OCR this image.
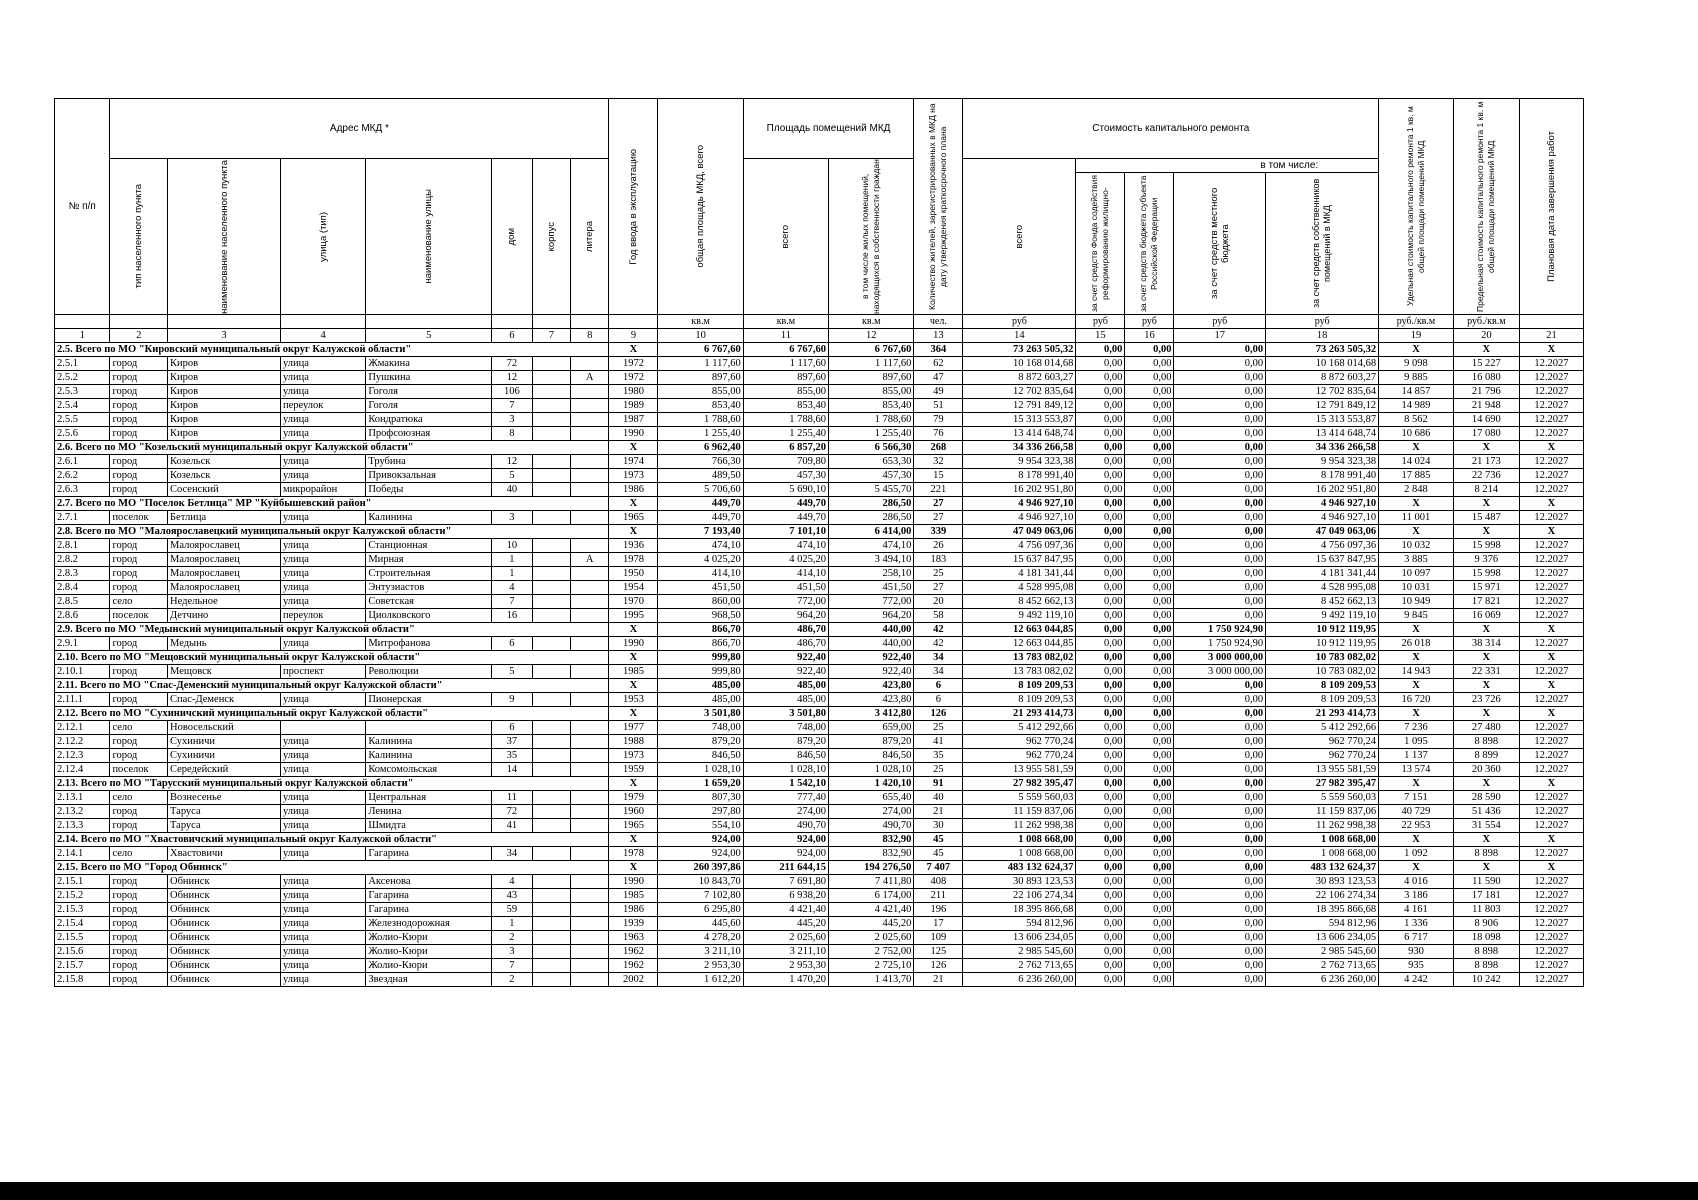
№ п/п	Адрес МКД *							Год ввода в эксплуатацию	общая площадь МКД, всего	Площадь помещений МКД		Количество жителей, зарегистрированных в МКД на дату утверждения краткосрочного плана	Стоимость капитального ремонта					Удельная стоимость капитального ремонта 1 кв. м общей площади помещений МКД	Предельная стоимость капитального ремонта 1 кв. м общей площади помещений МКД	Плановая дата завершения работ

	тип населенного пункта	наименование населенного пункта	улица (тип)	наименование улицы	дом	корпус	литера			всего	в том числе жилых помещений, находящихся в собственности граждан		всего	в том числе:						

														за счет средств Фонда содействия реформированию жилищно-	за счет средств бюджета субъекта Российской Федерации	за счет средств местного бюджета	за счет средств собственников помещений в МКД			

									кв.м	кв.м	кв.м	чел.	руб	руб	руб	руб	руб	руб./кв.м	руб./кв.м	
1	2	3	4	5	6	7	8	9	10	11	12	13	14	15	16	17	18	19	20	21
2.5. Всего по МО "Кировский муниципальный округ Калужской области"								X	6 767,60	6 767,60	6 767,60	364	73 263 505,32	0,00	0,00	0,00	73 263 505,32	X	X	X
2.5.1	город	Киров	улица	Жмакина	72			1972	1 117,60	1 117,60	1 117,60	62	10 168 014,68	0,00	0,00	0,00	10 168 014,68	9 098	15 227	12.2027
2.5.2	город	Киров	улица	Пушкина	12		А	1972	897,60	897,60	897,60	47	8 872 603,27	0,00	0,00	0,00	8 872 603,27	9 885	16 080	12.2027
2.5.3	город	Киров	улица	Гоголя	106			1980	855,00	855,00	855,00	49	12 702 835,64	0,00	0,00	0,00	12 702 835,64	14 857	21 796	12.2027
2.5.4	город	Киров	переулок	Гоголя	7			1989	853,40	853,40	853,40	51	12 791 849,12	0,00	0,00	0,00	12 791 849,12	14 989	21 948	12.2027
2.5.5	город	Киров	улица	Кондратюка	3			1987	1 788,60	1 788,60	1 788,60	79	15 313 553,87	0,00	0,00	0,00	15 313 553,87	8 562	14 690	12.2027
2.5.6	город	Киров	улица	Профсоюзная	8			1990	1 255,40	1 255,40	1 255,40	76	13 414 648,74	0,00	0,00	0,00	13 414 648,74	10 686	17 080	12.2027
2.6. Всего по МО "Козельский муниципальный округ Калужской области"								X	6 962,40	6 857,20	6 566,30	268	34 336 266,58	0,00	0,00	0,00	34 336 266,58	X	X	X
2.6.1	город	Козельск	улица	Трубина	12			1974	766,30	709,80	653,30	32	9 954 323,38	0,00	0,00	0,00	9 954 323,38	14 024	21 173	12.2027
2.6.2	город	Козельск	улица	Привокзальная	5			1973	489,50	457,30	457,30	15	8 178 991,40	0,00	0,00	0,00	8 178 991,40	17 885	22 736	12.2027
2.6.3	город	Сосенский	микрорайон	Победы	40			1986	5 706,60	5 690,10	5 455,70	221	16 202 951,80	0,00	0,00	0,00	16 202 951,80	2 848	8 214	12.2027
2.7. Всего по МО "Поселок Бетлица" МР "Куйбышевский район"								X	449,70	449,70	286,50	27	4 946 927,10	0,00	0,00	0,00	4 946 927,10	X	X	X
2.7.1	поселок	Бетлица	улица	Калинина	3			1965	449,70	449,70	286,50	27	4 946 927,10	0,00	0,00	0,00	4 946 927,10	11 001	15 487	12.2027
2.8. Всего по МО "Малоярославецкий муниципальный округ Калужской области"								X	7 193,40	7 101,10	6 414,00	339	47 049 063,06	0,00	0,00	0,00	47 049 063,06	X	X	X
2.8.1	город	Малоярославец	улица	Станционная	10			1936	474,10	474,10	474,10	26	4 756 097,36	0,00	0,00	0,00	4 756 097,36	10 032	15 998	12.2027
2.8.2	город	Малоярославец	улица	Мирная	1		А	1978	4 025,20	4 025,20	3 494,10	183	15 637 847,95	0,00	0,00	0,00	15 637 847,95	3 885	9 376	12.2027
2.8.3	город	Малоярославец	улица	Строительная	1			1950	414,10	414,10	258,10	25	4 181 341,44	0,00	0,00	0,00	4 181 341,44	10 097	15 998	12.2027
2.8.4	город	Малоярославец	улица	Энтузиастов	4			1954	451,50	451,50	451,50	27	4 528 995,08	0,00	0,00	0,00	4 528 995,08	10 031	15 971	12.2027
2.8.5	село	Недельное	улица	Советская	7			1970	860,00	772,00	772,00	20	8 452 662,13	0,00	0,00	0,00	8 452 662,13	10 949	17 821	12.2027
2.8.6	поселок	Детчино	переулок	Циолковского	16			1995	968,50	964,20	964,20	58	9 492 119,10	0,00	0,00	0,00	9 492 119,10	9 845	16 069	12.2027
2.9. Всего по МО "Медынский муниципальный округ Калужской области"								X	866,70	486,70	440,00	42	12 663 044,85	0,00	0,00	1 750 924,90	10 912 119,95	X	X	X
2.9.1	город	Медынь	улица	Митрофанова	6			1990	866,70	486,70	440,00	42	12 663 044,85	0,00	0,00	1 750 924,90	10 912 119,95	26 018	38 314	12.2027
2.10. Всего по МО "Мещовский муниципальный округ Калужской области"								X	999,80	922,40	922,40	34	13 783 082,02	0,00	0,00	3 000 000,00	10 783 082,02	X	X	X
2.10.1	город	Мещовск	проспект	Революции	5			1985	999,80	922,40	922,40	34	13 783 082,02	0,00	0,00	3 000 000,00	10 783 082,02	14 943	22 331	12.2027
2.11. Всего по МО "Спас-Деменский муниципальный округ Калужской области"								X	485,00	485,00	423,80	6	8 109 209,53	0,00	0,00	0,00	8 109 209,53	X	X	X
2.11.1	город	Спас-Деменск	улица	Пионерская	9			1953	485,00	485,00	423,80	6	8 109 209,53	0,00	0,00	0,00	8 109 209,53	16 720	23 726	12.2027
2.12. Всего по МО "Сухиничский муниципальный округ Калужской области"								X	3 501,80	3 501,80	3 412,80	126	21 293 414,73	0,00	0,00	0,00	21 293 414,73	X	X	X
2.12.1	село	Новосельский			6			1977	748,00	748,00	659,00	25	5 412 292,66	0,00	0,00	0,00	5 412 292,66	7 236	27 480	12.2027
2.12.2	город	Сухиничи	улица	Калинина	37			1988	879,20	879,20	879,20	41	962 770,24	0,00	0,00	0,00	962 770,24	1 095	8 898	12.2027
2.12.3	город	Сухиничи	улица	Калинина	35			1973	846,50	846,50	846,50	35	962 770,24	0,00	0,00	0,00	962 770,24	1 137	8 899	12.2027
2.12.4	поселок	Середейский	улица	Комсомольская	14			1959	1 028,10	1 028,10	1 028,10	25	13 955 581,59	0,00	0,00	0,00	13 955 581,59	13 574	20 360	12.2027
2.13. Всего по МО "Тарусский муниципальный округ Калужской области"								X	1 659,20	1 542,10	1 420,10	91	27 982 395,47	0,00	0,00	0,00	27 982 395,47	X	X	X
2.13.1	село	Вознесенье	улица	Центральная	11			1979	807,30	777,40	655,40	40	5 559 560,03	0,00	0,00	0,00	5 559 560,03	7 151	28 590	12.2027
2.13.2	город	Таруса	улица	Ленина	72			1960	297,80	274,00	274,00	21	11 159 837,06	0,00	0,00	0,00	11 159 837,06	40 729	51 436	12.2027
2.13.3	город	Таруса	улица	Шмидта	41			1965	554,10	490,70	490,70	30	11 262 998,38	0,00	0,00	0,00	11 262 998,38	22 953	31 554	12.2027
2.14. Всего по МО "Хвастовичский муниципальный округ Калужской области"								X	924,00	924,00	832,90	45	1 008 668,00	0,00	0,00	0,00	1 008 668,00	X	X	X
2.14.1	село	Хвастовичи	улица	Гагарина	34			1978	924,00	924,00	832,90	45	1 008 668,00	0,00	0,00	0,00	1 008 668,00	1 092	8 898	12.2027
2.15. Всего по МО "Город Обнинск"								X	260 397,86	211 644,15	194 276,50	7 407	483 132 624,37	0,00	0,00	0,00	483 132 624,37	X	X	X
2.15.1	город	Обнинск	улица	Аксенова	4			1990	10 843,70	7 691,80	7 411,80	408	30 893 123,53	0,00	0,00	0,00	30 893 123,53	4 016	11 590	12.2027
2.15.2	город	Обнинск	улица	Гагарина	43			1985	7 102,80	6 938,20	6 174,00	211	22 106 274,34	0,00	0,00	0,00	22 106 274,34	3 186	17 181	12.2027
2.15.3	город	Обнинск	улица	Гагарина	59			1986	6 295,80	4 421,40	4 421,40	196	18 395 866,68	0,00	0,00	0,00	18 395 866,68	4 161	11 803	12.2027
2.15.4	город	Обнинск	улица	Железнодорожная	1			1939	445,60	445,20	445,20	17	594 812,96	0,00	0,00	0,00	594 812,96	1 336	8 906	12.2027
2.15.5	город	Обнинск	улица	Жолио-Кюри	2			1963	4 278,20	2 025,60	2 025,60	109	13 606 234,05	0,00	0,00	0,00	13 606 234,05	6 717	18 098	12.2027
2.15.6	город	Обнинск	улица	Жолио-Кюри	3			1962	3 211,10	3 211,10	2 752,00	125	2 985 545,60	0,00	0,00	0,00	2 985 545,60	930	8 898	12.2027
2.15.7	город	Обнинск	улица	Жолио-Кюри	7			1962	2 953,30	2 953,30	2 725,10	126	2 762 713,65	0,00	0,00	0,00	2 762 713,65	935	8 898	12.2027
2.15.8	город	Обнинск	улица	Звездная	2			2002	1 612,20	1 470,20	1 413,70	21	6 236 260,00	0,00	0,00	0,00	6 236 260,00	4 242	10 242	12.2027
